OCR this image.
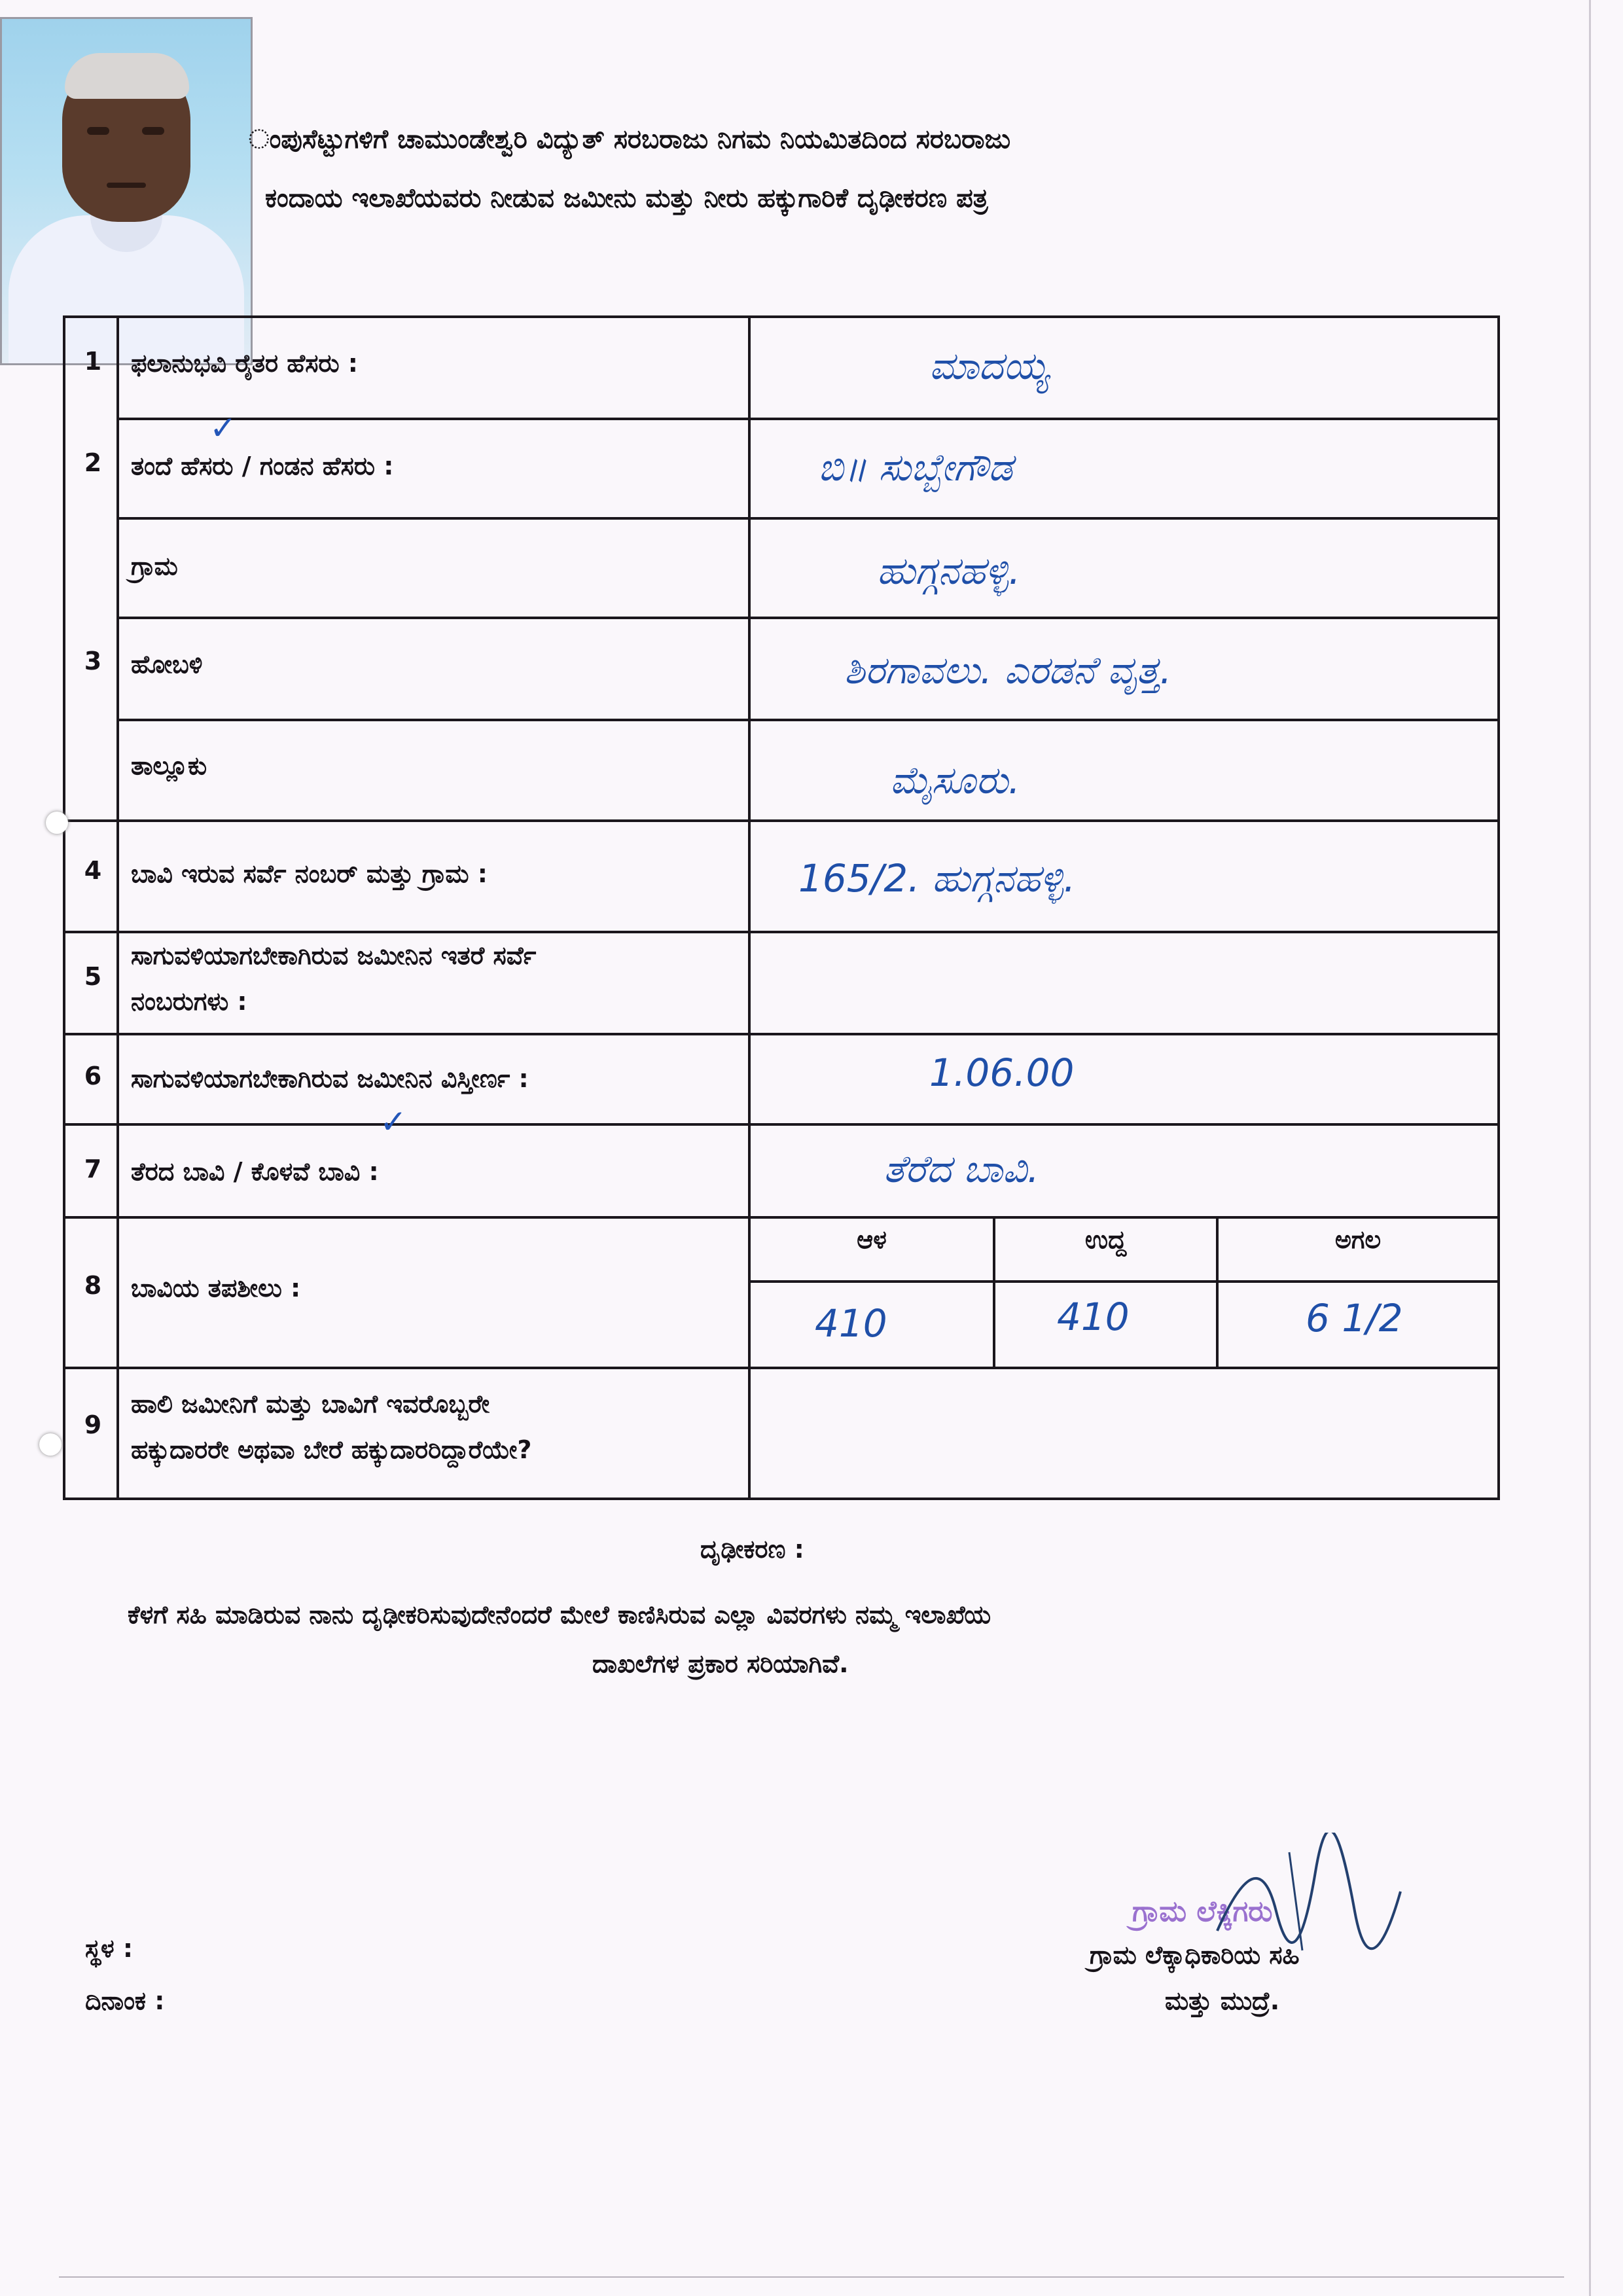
ಂಪುಸೆಟ್ಟುಗಳಿಗೆ ಚಾಮುಂಡೇಶ್ವರಿ ವಿದ್ಯುತ್ ಸರಬರಾಜು ನಿಗಮ ನಿಯಮಿತದಿಂದ ಸರಬರಾಜು
ಕಂದಾಯ ಇಲಾಖೆಯವರು ನೀಡುವ ಜಮೀನು ಮತ್ತು ನೀರು ಹಕ್ಕುಗಾರಿಕೆ ದೃಢೀಕರಣ ಪತ್ರ
1	ಫಲಾನುಭವಿ ರೈತರ ಹೆಸರು :	ಮಾದಯ್ಯ
2	ತಂದೆ ಹೆಸರು / ಗಂಡನ ಹೆಸರು :	ಬಿ॥ ಸುಬ್ಬೇಗೌಡ
ಗ್ರಾಮ	ಹುಗ್ಗನಹಳ್ಳಿ.
3	ಹೋಬಳಿ	ಶಿರಗಾವಲು. ಎರಡನೆ ವೃತ್ತ.
ತಾಲ್ಲೂಕು	ಮೈಸೂರು.
4	ಬಾವಿ ಇರುವ ಸರ್ವೆ ನಂಬರ್ ಮತ್ತು ಗ್ರಾಮ :	165/2. ಹುಗ್ಗನಹಳ್ಳಿ.
5
ಸಾಗುವಳಿಯಾಗಬೇಕಾಗಿರುವ ಜಮೀನಿನ ಇತರೆ ಸರ್ವೆ
ನಂಬರುಗಳು :
6	ಸಾಗುವಳಿಯಾಗಬೇಕಾಗಿರುವ ಜಮೀನಿನ ವಿಸ್ತೀರ್ಣ :	1.06.00
7	ತೆರದ ಬಾವಿ / ಕೊಳವೆ ಬಾವಿ :	ತೆರೆದ ಬಾವಿ.
8	ಬಾವಿಯ ತಪಶೀಲು :
ಆಳ	ಉದ್ದ	ಅಗಲ
410	410	6 1/2
9
ಹಾಲಿ ಜಮೀನಿಗೆ ಮತ್ತು ಬಾವಿಗೆ ಇವರೊಬ್ಬರೇ
ಹಕ್ಕುದಾರರೇ ಅಥವಾ ಬೇರೆ ಹಕ್ಕುದಾರರಿದ್ದಾರೆಯೇ?
✓
✓
ದೃಢೀಕರಣ :
ಕೆಳಗೆ ಸಹಿ ಮಾಡಿರುವ ನಾನು ದೃಢೀಕರಿಸುವುದೇನೆಂದರೆ ಮೇಲೆ ಕಾಣಿಸಿರುವ ಎಲ್ಲಾ ವಿವರಗಳು ನಮ್ಮ ಇಲಾಖೆಯ
ದಾಖಲೆಗಳ ಪ್ರಕಾರ ಸರಿಯಾಗಿವೆ.
ಸ್ಥಳ :
ದಿನಾಂಕ :
ಗ್ರಾಮ ಲೆಕ್ಕಿಗರು
ಗ್ರಾಮ ಲೆಕ್ಕಾಧಿಕಾರಿಯ ಸಹಿ
ಮತ್ತು ಮುದ್ರೆ.
